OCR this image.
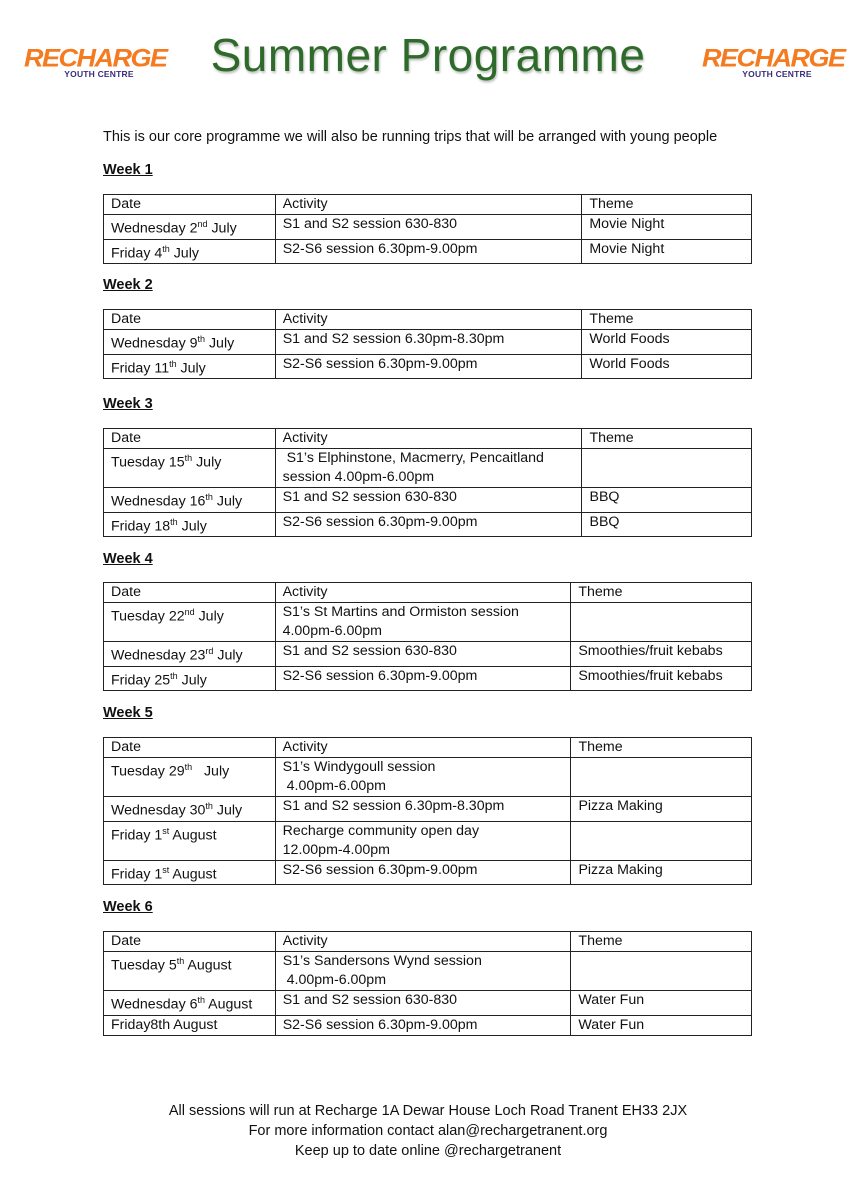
RECHARGE
YOUTH CENTRE	Summer Programme	RECHARGE
YOUTH CENTRE
This is our core programme we will also be running trips that will be arranged with young people
Week 1
Date	Activity	Theme
Wednesday 2nd July	S1 and S2 session 630-830	Movie Night
Friday 4th July	S2-S6 session 6.30pm-9.00pm	Movie Night
Week 2
Date	Activity	Theme
Wednesday 9th July	S1 and S2 session 6.30pm-8.30pm	World Foods
Friday 11th July	S2-S6 session 6.30pm-9.00pm	World Foods
Week 3
Date	Activity	Theme
Tuesday 15th July	S1’s Elphinstone, Macmerry, Pencaitland
session 4.00pm-6.00pm	

Wednesday 16th July	S1 and S2 session 630-830	BBQ
Friday 18th July	S2-S6 session 6.30pm-9.00pm	BBQ
Week 4
Date	Activity	Theme
Tuesday 22nd July	S1’s St Martins and Ormiston session
4.00pm-6.00pm	

Wednesday 23rd July	S1 and S2 session 630-830	Smoothies/fruit kebabs
Friday 25th July	S2-S6 session 6.30pm-9.00pm	Smoothies/fruit kebabs
Week 5
Date	Activity	Theme
Tuesday 29th   July	S1’s Windygoull session
4.00pm-6.00pm	

Wednesday 30th July	S1 and S2 session 6.30pm-8.30pm	Pizza Making
Friday 1st August	Recharge community open day
12.00pm-4.00pm	

Friday 1st August	S2-S6 session 6.30pm-9.00pm	Pizza Making
Week 6
Date	Activity	Theme
Tuesday 5th August	S1’s Sandersons Wynd session
4.00pm-6.00pm	

Wednesday 6th August	S1 and S2 session 630-830	Water Fun
Friday8th August	S2-S6 session 6.30pm-9.00pm	Water Fun
All sessions will run at Recharge 1A Dewar House Loch Road Tranent EH33 2JX
For more information contact alan@rechargetranent.org
Keep up to date online @rechargetranent
